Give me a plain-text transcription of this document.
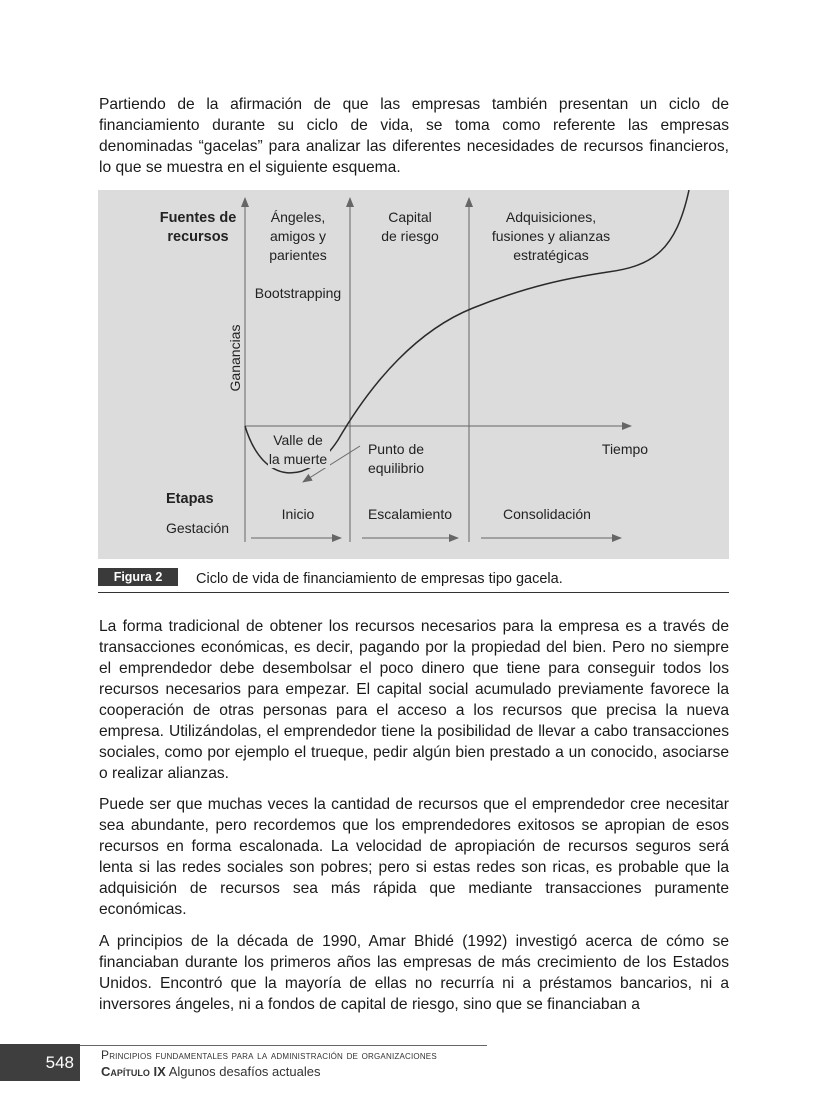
Partiendo de la afirmación de que las empresas también presentan un ciclo de financiamiento durante su ciclo de vida, se toma como referente las empresas denominadas “gacelas” para analizar las diferentes necesidades de recursos financieros, lo que se muestra en el siguiente esquema.

Fuentes de
recursos
Ángeles,
amigos y
parientes
Capital
de riesgo
Adquisiciones,
fusiones y alianzas
estratégicas
Bootstrapping
Ganancias
Tiempo
Valle de
la muerte
Punto de
equilibrio
Etapas
Gestación
Inicio	Escalamiento	Consolidación
Figura 2	Ciclo de vida de financiamiento de empresas tipo gacela.

La forma tradicional de obtener los recursos necesarios para la empresa es a través de transacciones económicas, es decir, pagando por la propiedad del bien. Pero no siempre el emprendedor debe desembolsar el poco dinero que tiene para conseguir todos los recursos necesarios para empezar. El capital social acumulado previamente favorece la cooperación de otras personas para el acceso a los recursos que precisa la nueva empresa. Utilizándolas, el emprendedor tiene la posibilidad de llevar a cabo transacciones sociales, como por ejemplo el trueque, pedir algún bien prestado a un conocido, asociarse o realizar alianzas.

Puede ser que muchas veces la cantidad de recursos que el emprendedor cree necesitar sea abundante, pero recordemos que los emprendedores exitosos se apropian de esos recursos en forma escalonada. La velocidad de apropiación de recursos seguros será lenta si las redes sociales son pobres; pero si estas redes son ricas, es probable que la adquisición de recursos sea más rápida que mediante transacciones puramente económicas.

A principios de la década de 1990, Amar Bhidé (1992) investigó acerca de cómo se financiaban durante los primeros años las empresas de más crecimiento de los Estados Unidos. Encontró que la mayoría de ellas no recurría ni a préstamos bancarios, ni a inversores ángeles, ni a fondos de capital de riesgo, sino que se financiaban a

548 Principios fundamentales para la administración de organizaciones
Capítulo IX Algunos desafíos actuales
